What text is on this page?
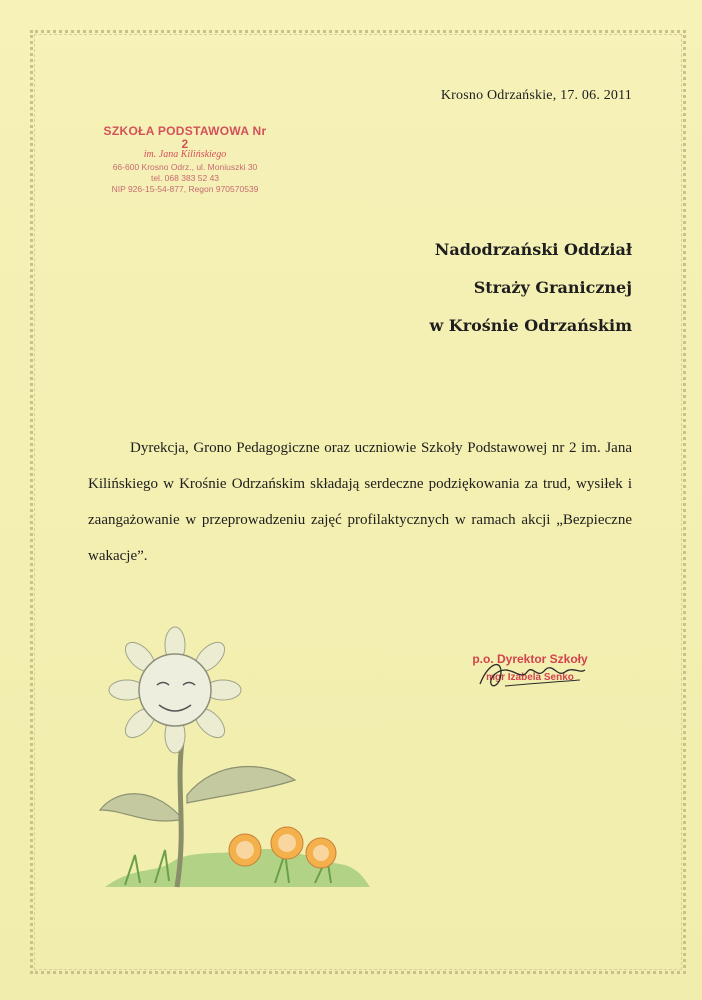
Krosno Odrzańskie, 17. 06. 2011
SZKOŁA PODSTAWOWA Nr 2
im. Jana Kilińskiego
66-600 Krosno Odrz., ul. Moniuszki 30
tel. 068 383 52 43
NIP 926-15-54-877, Regon 970570539
Nadodrzański Oddział
Straży Granicznej
w Krośnie Odrzańskim

Dyrekcja, Grono Pedagogiczne oraz uczniowie Szkoły Podstawowej nr 2 im. Jana Kilińskiego w Krośnie Odrzańskim składają serdeczne podziękowania za trud, wysiłek i zaangażowanie w przeprowadzeniu zajęć profilaktycznych w ramach akcji „Bezpieczne wakacje”.

p.o. Dyrektor Szkoły
mgr Izabela Senko
